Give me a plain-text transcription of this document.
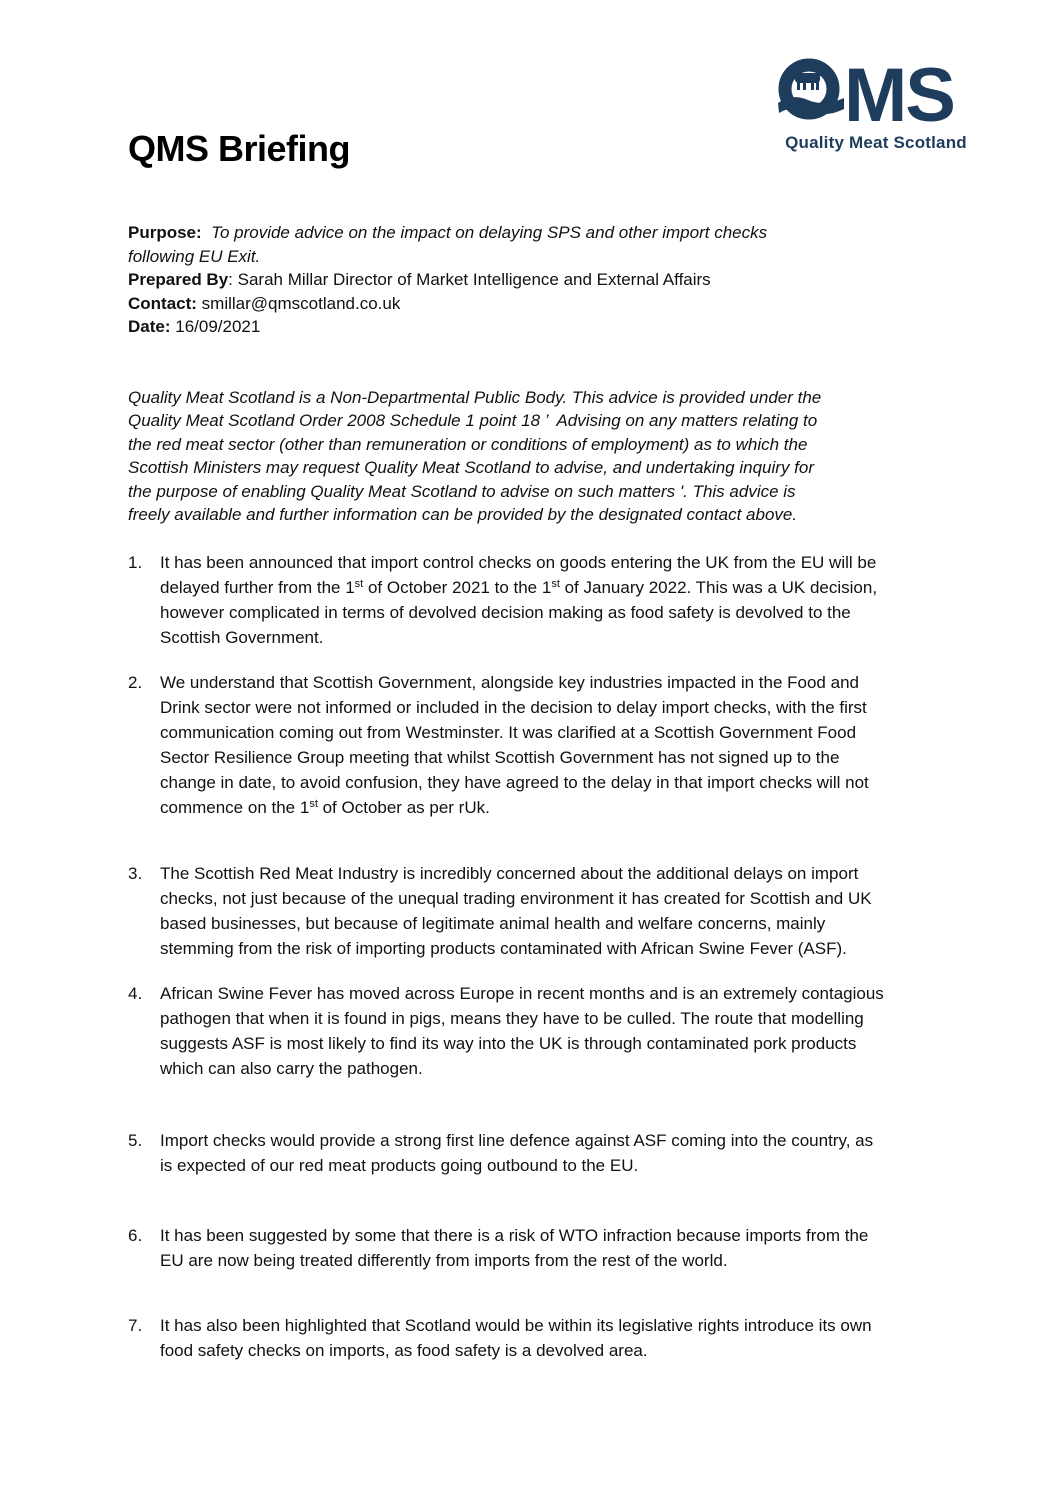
MS
Quality Meat Scotland
QMS Briefing
Purpose:  To provide advice on the impact on delaying SPS and other import checks
following EU Exit.
Prepared By: Sarah Millar Director of Market Intelligence and External Affairs
Contact: smillar@qmscotland.co.uk
Date: 16/09/2021
Quality Meat Scotland is a Non-Departmental Public Body. This advice is provided under the
Quality Meat Scotland Order 2008 Schedule 1 point 18 ’  Advising on any matters relating to
the red meat sector (other than remuneration or conditions of employment) as to which the
Scottish Ministers may request Quality Meat Scotland to advise, and undertaking inquiry for
the purpose of enabling Quality Meat Scotland to advise on such matters '. This advice is
freely available and further information can be provided by the designated contact above.
1.	It has been announced that import control checks on goods entering the UK from the EU will be
delayed further from the 1st of October 2021 to the 1st of January 2022. This was a UK decision,
however complicated in terms of devolved decision making as food safety is devolved to the
Scottish Government.
2.	We understand that Scottish Government, alongside key industries impacted in the Food and
Drink sector were not informed or included in the decision to delay import checks, with the first
communication coming out from Westminster. It was clarified at a Scottish Government Food
Sector Resilience Group meeting that whilst Scottish Government has not signed up to the
change in date, to avoid confusion, they have agreed to the delay in that import checks will not
commence on the 1st of October as per rUk.
3.	The Scottish Red Meat Industry is incredibly concerned about the additional delays on import
checks, not just because of the unequal trading environment it has created for Scottish and UK
based businesses, but because of legitimate animal health and welfare concerns, mainly
stemming from the risk of importing products contaminated with African Swine Fever (ASF).
4.	African Swine Fever has moved across Europe in recent months and is an extremely contagious
pathogen that when it is found in pigs, means they have to be culled. The route that modelling
suggests ASF is most likely to find its way into the UK is through contaminated pork products
which can also carry the pathogen.
5.	Import checks would provide a strong first line defence against ASF coming into the country, as
is expected of our red meat products going outbound to the EU.
6.	It has been suggested by some that there is a risk of WTO infraction because imports from the
EU are now being treated differently from imports from the rest of the world.
7.	It has also been highlighted that Scotland would be within its legislative rights introduce its own
food safety checks on imports, as food safety is a devolved area.
